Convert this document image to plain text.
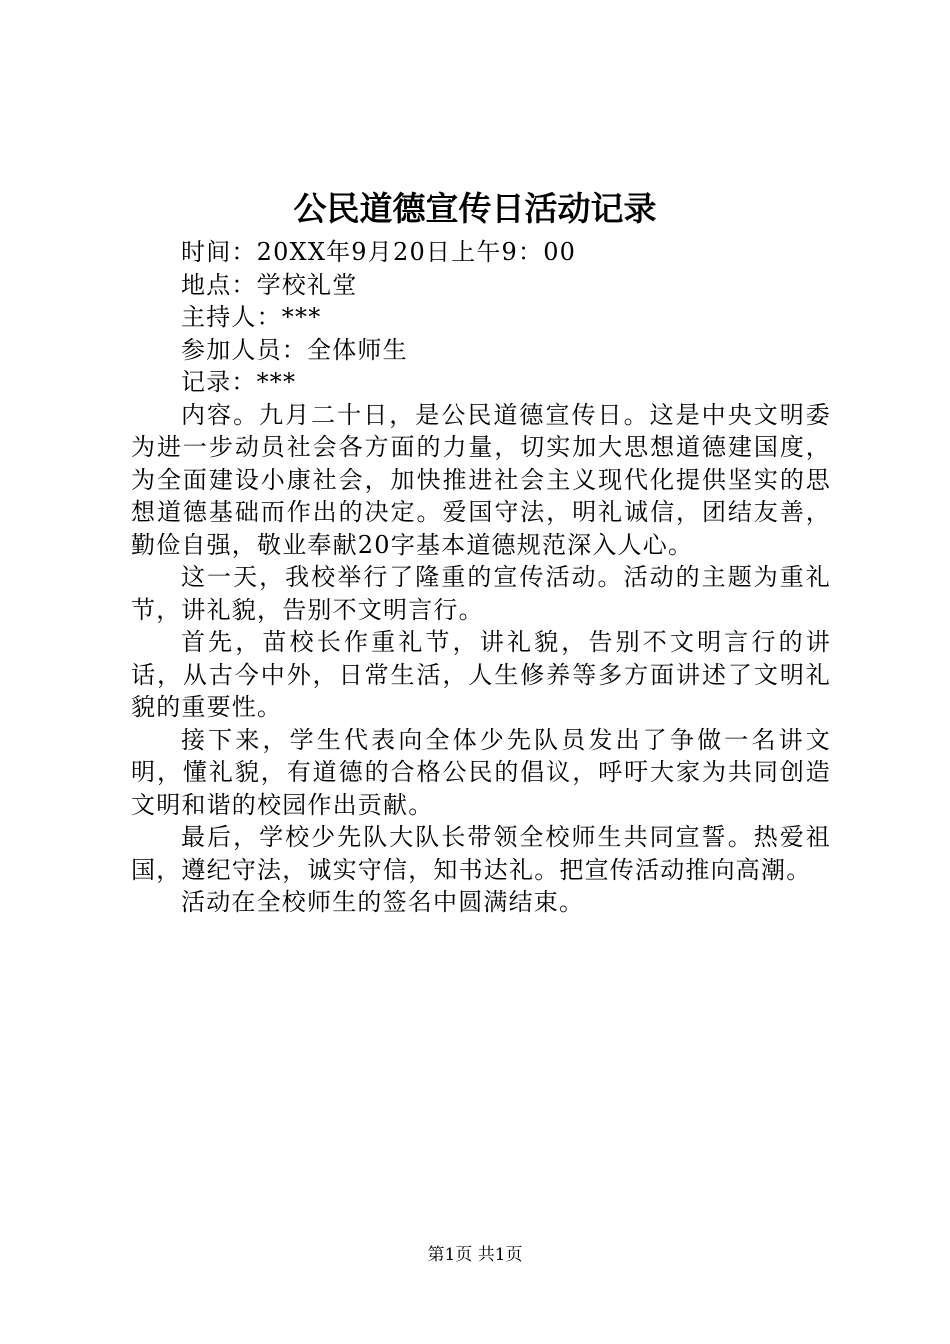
公民道德宣传日活动记录

时间：20XX年9月20日上午9：00

地点：学校礼堂

主持人：***

参加人员：全体师生

记录：***

内容。九月二十日，是公民道德宣传日。这是中央文明委为进一步动员社会各方面的力量，切实加大思想道德建国度，为全面建设小康社会，加快推进社会主义现代化提供坚实的思想道德基础而作出的决定。爱国守法，明礼诚信，团结友善，勤俭自强，敬业奉献20字基本道德规范深入人心。

这一天，我校举行了隆重的宣传活动。活动的主题为重礼节，讲礼貌，告别不文明言行。

首先，苗校长作重礼节，讲礼貌，告别不文明言行的讲话，从古今中外，日常生活，人生修养等多方面讲述了文明礼貌的重要性。

接下来，学生代表向全体少先队员发出了争做一名讲文明，懂礼貌，有道德的合格公民的倡议，呼吁大家为共同创造文明和谐的校园作出贡献。

最后，学校少先队大队长带领全校师生共同宣誓。热爱祖国，遵纪守法，诚实守信，知书达礼。把宣传活动推向高潮。

活动在全校师生的签名中圆满结束。

第1页 共1页
